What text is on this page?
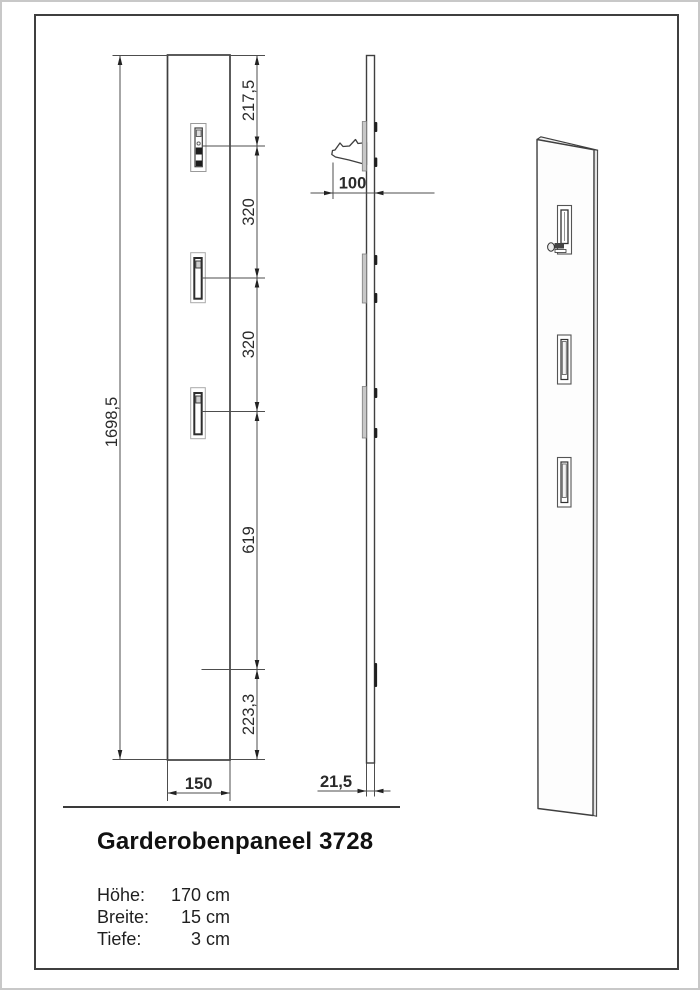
1698,5
217,5
320
320
619
223,3
150
100
21,5
Garderobenpaneel 3728
Höhe: 170 cm
Breite: 15 cm
Tiefe:	3 cm
